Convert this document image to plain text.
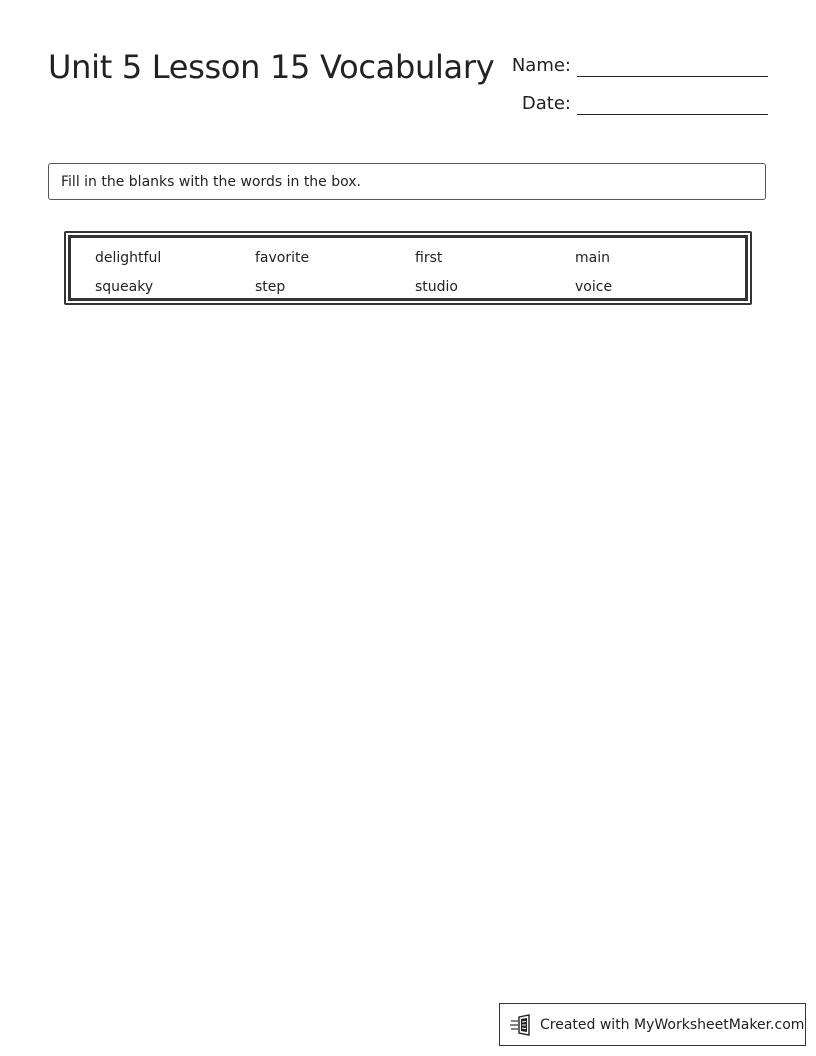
Unit 5 Lesson 15 Vocabulary Name:
Date:
Fill in the blanks with the words in the box.
delightful	favorite	first	main
squeaky	step	studio	voice
Created with MyWorksheetMaker.com
